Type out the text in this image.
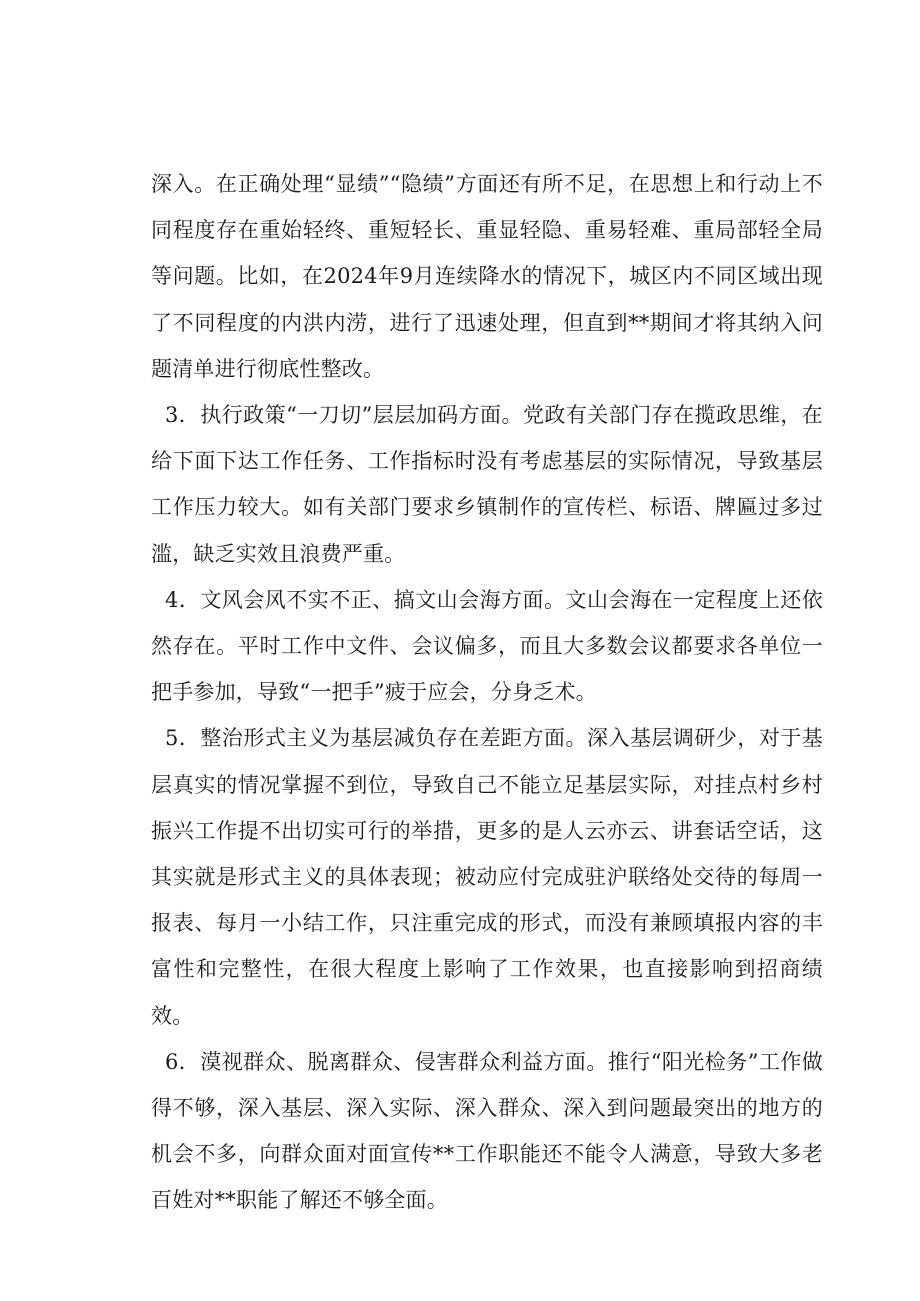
深入。在正确处理“显绩”“隐绩”方面还有所不足，在思想上和行动上不同程度存在重始轻终、重短轻长、重显轻隐、重易轻难、重局部轻全局等问题。比如，在2024年9月连续降水的情况下，城区内不同区域出现了不同程度的内洪内涝，进行了迅速处理，但直到**期间才将其纳入问题清单进行彻底性整改。

3．执行政策“一刀切”层层加码方面。党政有关部门存在揽政思维，在给下面下达工作任务、工作指标时没有考虑基层的实际情况，导致基层工作压力较大。如有关部门要求乡镇制作的宣传栏、标语、牌匾过多过滥，缺乏实效且浪费严重。

4．文风会风不实不正、搞文山会海方面。文山会海在一定程度上还依然存在。平时工作中文件、会议偏多，而且大多数会议都要求各单位一把手参加，导致“一把手”疲于应会，分身乏术。

5．整治形式主义为基层减负存在差距方面。深入基层调研少，对于基层真实的情况掌握不到位，导致自己不能立足基层实际，对挂点村乡村振兴工作提不出切实可行的举措，更多的是人云亦云、讲套话空话，这其实就是形式主义的具体表现；被动应付完成驻沪联络处交待的每周一报表、每月一小结工作，只注重完成的形式，而没有兼顾填报内容的丰富性和完整性，在很大程度上影响了工作效果，也直接影响到招商绩效。

6．漠视群众、脱离群众、侵害群众利益方面。推行“阳光检务”工作做得不够，深入基层、深入实际、深入群众、深入到问题最突出的地方的机会不多，向群众面对面宣传**工作职能还不能令人满意，导致大多老百姓对**职能了解还不够全面。
